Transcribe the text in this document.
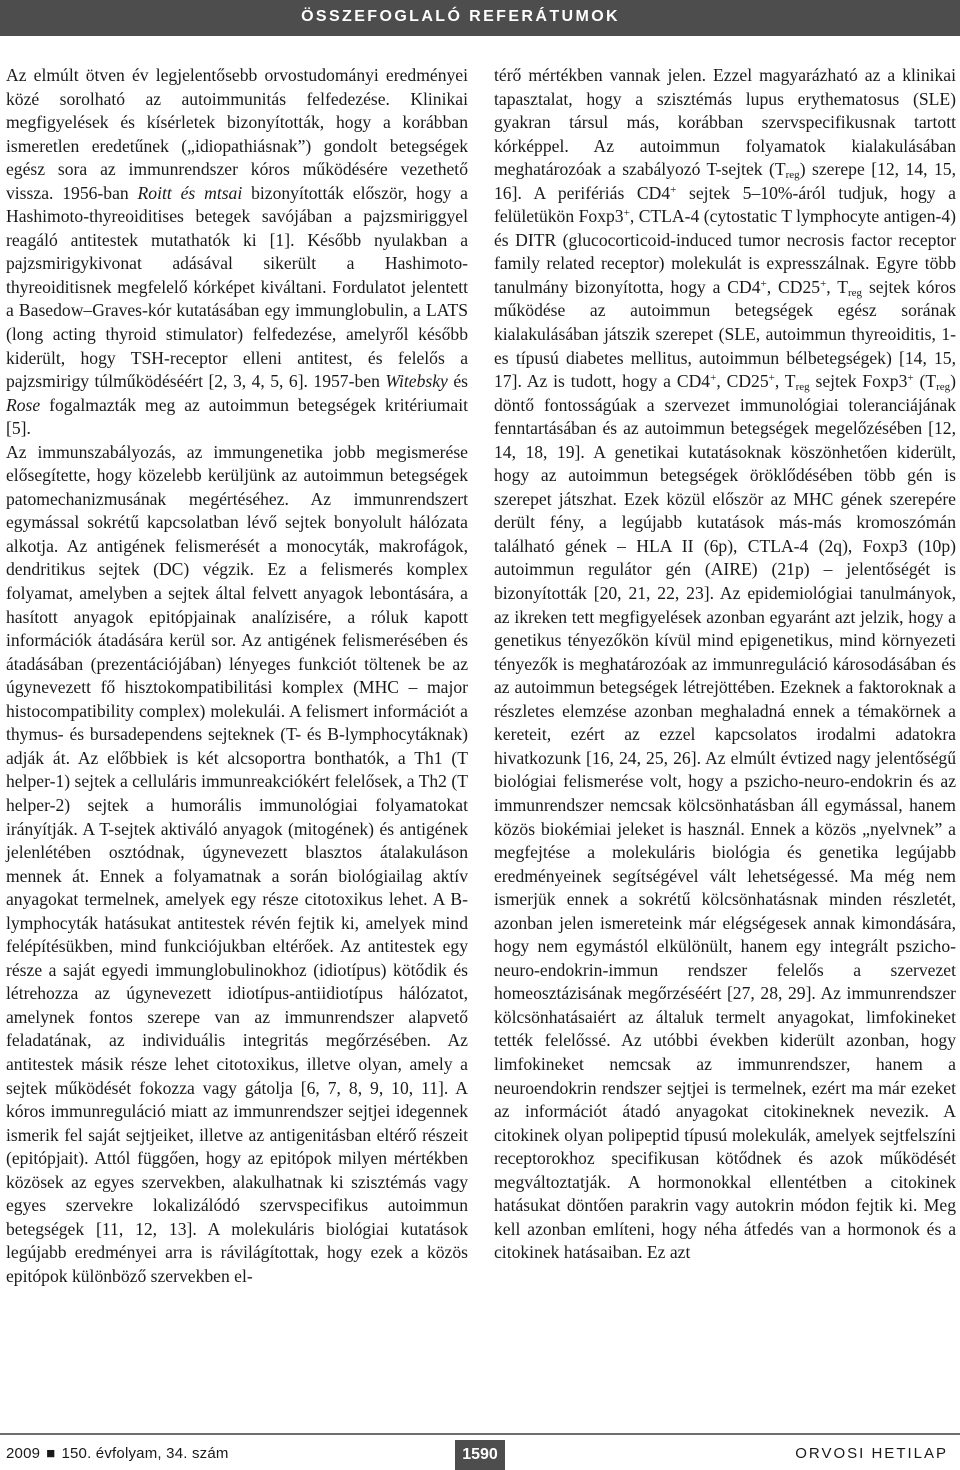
ÖSSZEFOGLALÓ REFERÁTUMOK

Az elmúlt ötven év legjelentősebb orvostudományi eredményei közé sorolható az autoimmunitás felfedezése. Klinikai megfigyelések és kísérletek bizonyították, hogy a korábban ismeretlen eredetűnek („idiopathiásnak”) gondolt betegségek egész sora az immunrendszer kóros működésére vezethető vissza. 1956-ban Roitt és mtsai bizonyították először, hogy a Hashimoto-thyreoiditises betegek savójában a pajzsmiriggyel reagáló antitestek mutathatók ki [1]. Később nyulakban a pajzsmirigykivonat adásával sikerült a Hashimoto-thyreoiditisnek megfelelő kórképet kiváltani. Fordulatot jelentett a Basedow–Graves-kór kutatásában egy immunglobulin, a LATS (long acting thyroid stimulator) felfedezése, amelyről később kiderült, hogy TSH-receptor elleni antitest, és felelős a pajzsmirigy túlműködéséért [2, 3, 4, 5, 6]. 1957-ben Witebsky és Rose fogalmazták meg az autoimmun betegségek kritériumait [5].

Az immunszabályozás, az immungenetika jobb megismerése elősegítette, hogy közelebb kerüljünk az autoimmun betegségek patomechanizmusának megértéséhez. Az immunrendszert egymással sokrétű kapcsolatban lévő sejtek bonyolult hálózata alkotja. Az antigének felismerését a monocyták, makrofágok, dendritikus sejtek (DC) végzik. Ez a felismerés komplex folyamat, amelyben a sejtek által felvett anyagok lebontására, a hasított anyagok epitópjainak analízisére, a róluk kapott információk átadására kerül sor. Az antigének felismerésében és átadásában (prezentációjában) lényeges funkciót töltenek be az úgynevezett fő hisztokompatibilitási komplex (MHC – major histocompatibility complex) molekulái. A felismert információt a thymus- és bursadependens sejteknek (T- és B-lymphocytáknak) adják át. Az előbbiek is két alcsoportra bonthatók, a Th1 (T helper-1) sejtek a celluláris immunreakciókért felelősek, a Th2 (T helper-2) sejtek a humorális immunológiai folyamatokat irányítják. A T-sejtek aktiváló anyagok (mitogének) és antigének jelenlétében osztódnak, úgynevezett blasztos átalakuláson mennek át. Ennek a folyamatnak a során biológiailag aktív anyagokat termelnek, amelyek egy része citotoxikus lehet. A B-lymphocyták hatásukat antitestek révén fejtik ki, amelyek mind felépítésükben, mind funkciójukban eltérőek. Az antitestek egy része a saját egyedi immunglobulinokhoz (idiotípus) kötődik és létrehozza az úgynevezett idiotípus-antiidiotípus hálózatot, amelynek fontos szerepe van az immunrendszer alapvető feladatának, az individuális integritás megőrzésében. Az antitestek másik része lehet citotoxikus, illetve olyan, amely a sejtek működését fokozza vagy gátolja [6, 7, 8, 9, 10, 11]. A kóros immunreguláció miatt az immunrendszer sejtjei idegennek ismerik fel saját sejtjeiket, illetve az antigenitásban eltérő részeit (epitópjait). Attól függően, hogy az epitópok milyen mértékben közösek az egyes szervekben, alakulhatnak ki szisztémás vagy egyes szervekre lokalizálódó szervspecifikus autoimmun betegségek [11, 12, 13]. A molekuláris biológiai kutatások legújabb eredményei arra is rávilágítottak, hogy ezek a közös epitópok különböző szervekben el-

térő mértékben vannak jelen. Ezzel magyarázható az a klinikai tapasztalat, hogy a szisztémás lupus erythematosus (SLE) gyakran társul más, korábban szervspecifikusnak tartott kórképpel. Az autoimmun folyamatok kialakulásában meghatározóak a szabályozó T-sejtek $(T_{reg})$ szerepe [12, 14, 15, 16]. A perifériás CD4+ sejtek 5–10%-áról tudjuk, hogy a felületükön Foxp3+, CTLA-4 (cytostatic T lymphocyte antigen-4) és DITR (glucocorticoid-induced tumor necrosis factor receptor family related receptor) molekulát is expresszálnak. Egyre több tanulmány bizonyította, hogy a CD4+, CD25+, $T_{reg}$ sejtek kóros működése az autoimmun betegségek egész sorának kialakulásában játszik szerepet (SLE, autoimmun thyreoiditis, 1-es típusú diabetes mellitus, autoimmun bélbetegségek) [14, 15, 17]. Az is tudott, hogy a CD4+, CD25+, $T_{reg}$ sejtek Foxp3+ $(T_{reg})$ döntő fontosságúak a szervezet immunológiai toleranciájának fenntartásában és az autoimmun betegségek megelőzésében [12, 14, 18, 19]. A genetikai kutatásoknak köszönhetően kiderült, hogy az autoimmun betegségek öröklődésében több gén is szerepet játszhat. Ezek közül először az MHC gének szerepére derült fény, a legújabb kutatások más-más kromoszómán található gének – HLA II (6p), CTLA-4 (2q), Foxp3 (10p) autoimmun regulátor gén (AIRE) (21p) – jelentőségét is bizonyították [20, 21, 22, 23]. Az epidemiológiai tanulmányok, az ikreken tett megfigyelések azonban egyaránt azt jelzik, hogy a genetikus tényezőkön kívül mind epigenetikus, mind környezeti tényezők is meghatározóak az immunreguláció károsodásában és az autoimmun betegségek létrejöttében. Ezeknek a faktoroknak a részletes elemzése azonban meghaladná ennek a témakörnek a kereteit, ezért az ezzel kapcsolatos irodalmi adatokra hivatkozunk [16, 24, 25, 26]. Az elmúlt évtized nagy jelentőségű biológiai felismerése volt, hogy a pszicho-neuro-endokrin és az immunrendszer nemcsak kölcsönhatásban áll egymással, hanem közös biokémiai jeleket is használ. Ennek a közös „nyelvnek” a megfejtése a molekuláris biológia és genetika legújabb eredményeinek segítségével vált lehetségessé. Ma még nem ismerjük ennek a sokrétű kölcsönhatásnak minden részletét, azonban jelen ismereteink már elégségesek annak kimondására, hogy nem egymástól elkülönült, hanem egy integrált pszicho-neuro-endokrin-immun rendszer felelős a szervezet homeosztázisának megőrzéséért [27, 28, 29]. Az immunrendszer kölcsönhatásaiért az általuk termelt anyagokat, limfokineket tették felelőssé. Az utóbbi években kiderült azonban, hogy limfokineket nemcsak az immunrendszer, hanem a neuroendokrin rendszer sejtjei is termelnek, ezért ma már ezeket az információt átadó anyagokat citokineknek nevezik. A citokinek olyan polipeptid típusú molekulák, amelyek sejtfelszíni receptorokhoz specifikusan kötődnek és azok működését megváltoztatják. A hormonokkal ellentétben a citokinek hatásukat döntően parakrin vagy autokrin módon fejtik ki. Meg kell azonban említeni, hogy néha átfedés van a hormonok és a citokinek hatásaiban. Ez azt

2009 ■ 150. évfolyam, 34. szám	1590	ORVOSI HETILAP
